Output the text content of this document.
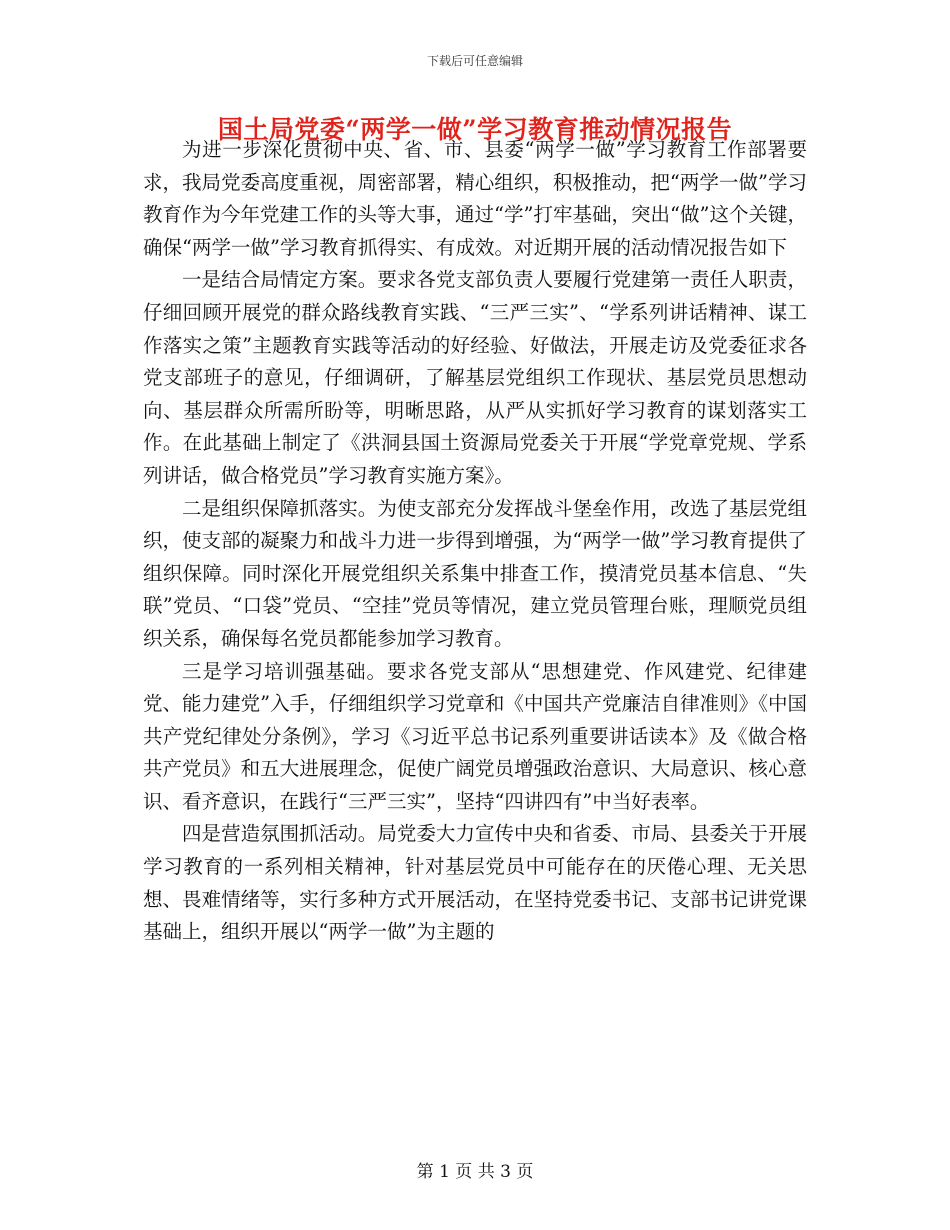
下载后可任意编辑
国土局党委“两学一做”学习教育推动情况报告

为进一步深化贯彻中央、省、市、县委“两学一做”学习教育工作部署要求，我局党委高度重视，周密部署，精心组织，积极推动，把“两学一做”学习教育作为今年党建工作的头等大事，通过“学”打牢基础，突出“做”这个关键，确保“两学一做”学习教育抓得实、有成效。对近期开展的活动情况报告如下

一是结合局情定方案。要求各党支部负责人要履行党建第一责任人职责，仔细回顾开展党的群众路线教育实践、“三严三实”、“学系列讲话精神、谋工作落实之策”主题教育实践等活动的好经验、好做法，开展走访及党委征求各党支部班子的意见，仔细调研，了解基层党组织工作现状、基层党员思想动向、基层群众所需所盼等，明晰思路，从严从实抓好学习教育的谋划落实工作。在此基础上制定了《洪洞县国土资源局党委关于开展“学党章党规、学系列讲话，做合格党员”学习教育实施方案》。

二是组织保障抓落实。为使支部充分发挥战斗堡垒作用，改选了基层党组织，使支部的凝聚力和战斗力进一步得到增强，为“两学一做”学习教育提供了组织保障。同时深化开展党组织关系集中排查工作，摸清党员基本信息、“失联”党员、“口袋”党员、“空挂”党员等情况，建立党员管理台账，理顺党员组织关系，确保每名党员都能参加学习教育。

三是学习培训强基础。要求各党支部从“思想建党、作风建党、纪律建党、能力建党”入手，仔细组织学习党章和《中国共产党廉洁自律准则》《中国共产党纪律处分条例》，学习《习近平总书记系列重要讲话读本》及《做合格共产党员》和五大进展理念，促使广阔党员增强政治意识、大局意识、核心意识、看齐意识，在践行“三严三实”，坚持“四讲四有”中当好表率。

四是营造氛围抓活动。局党委大力宣传中央和省委、市局、县委关于开展学习教育的一系列相关精神，针对基层党员中可能存在的厌倦心理、无关思想、畏难情绪等，实行多种方式开展活动，在坚持党委书记、支部书记讲党课基础上，组织开展以“两学一做”为主题的

第 1 页 共 3 页
